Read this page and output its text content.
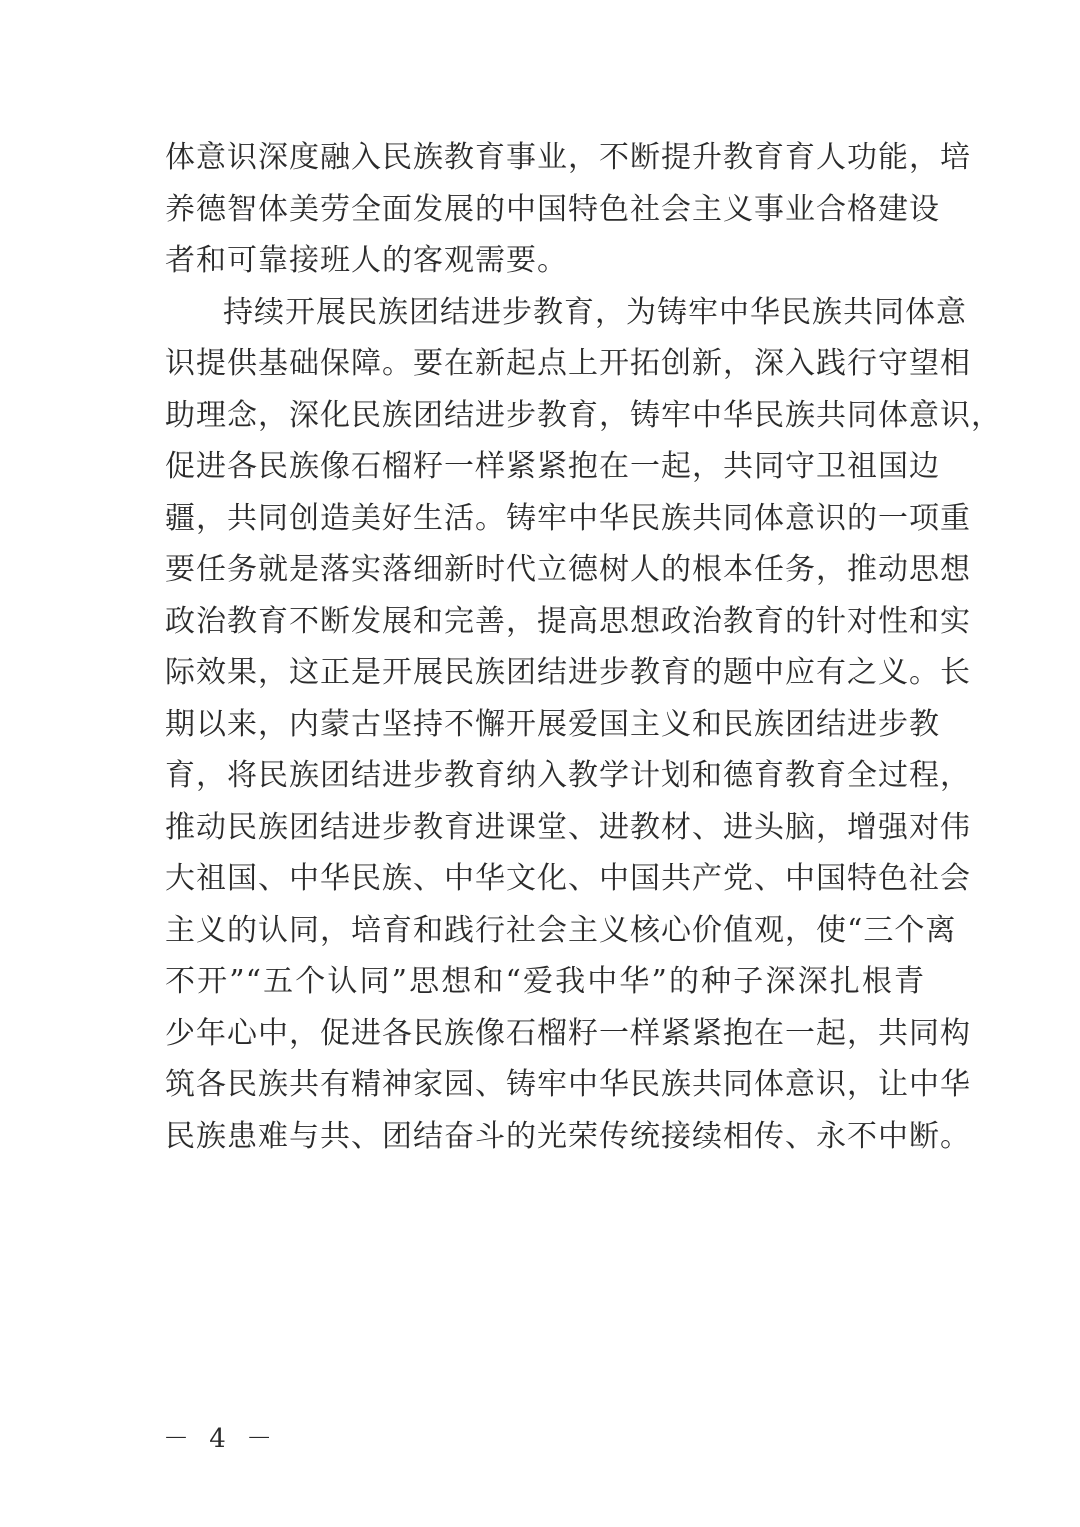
体意识深度融入民族教育事业，不断提升教育育人功能，培
养德智体美劳全面发展的中国特色社会主义事业合格建设
者和可靠接班人的客观需要。
持续开展民族团结进步教育，为铸牢中华民族共同体意
识提供基础保障。要在新起点上开拓创新，深入践行守望相
助理念，深化民族团结进步教育，铸牢中华民族共同体意识，
促进各民族像石榴籽一样紧紧抱在一起，共同守卫祖国边
疆，共同创造美好生活。铸牢中华民族共同体意识的一项重
要任务就是落实落细新时代立德树人的根本任务，推动思想
政治教育不断发展和完善，提高思想政治教育的针对性和实
际效果，这正是开展民族团结进步教育的题中应有之义。长
期以来，内蒙古坚持不懈开展爱国主义和民族团结进步教
育，将民族团结进步教育纳入教学计划和德育教育全过程，
推动民族团结进步教育进课堂、进教材、进头脑，增强对伟
大祖国、中华民族、中华文化、中国共产党、中国特色社会
主义的认同，培育和践行社会主义核心价值观，使“三个离
不开”“五个认同”思想和“爱我中华”的种子深深扎根青
少年心中，促进各民族像石榴籽一样紧紧抱在一起，共同构
筑各民族共有精神家园、铸牢中华民族共同体意识，让中华
民族患难与共、团结奋斗的光荣传统接续相传、永不中断。
－ 4 －
